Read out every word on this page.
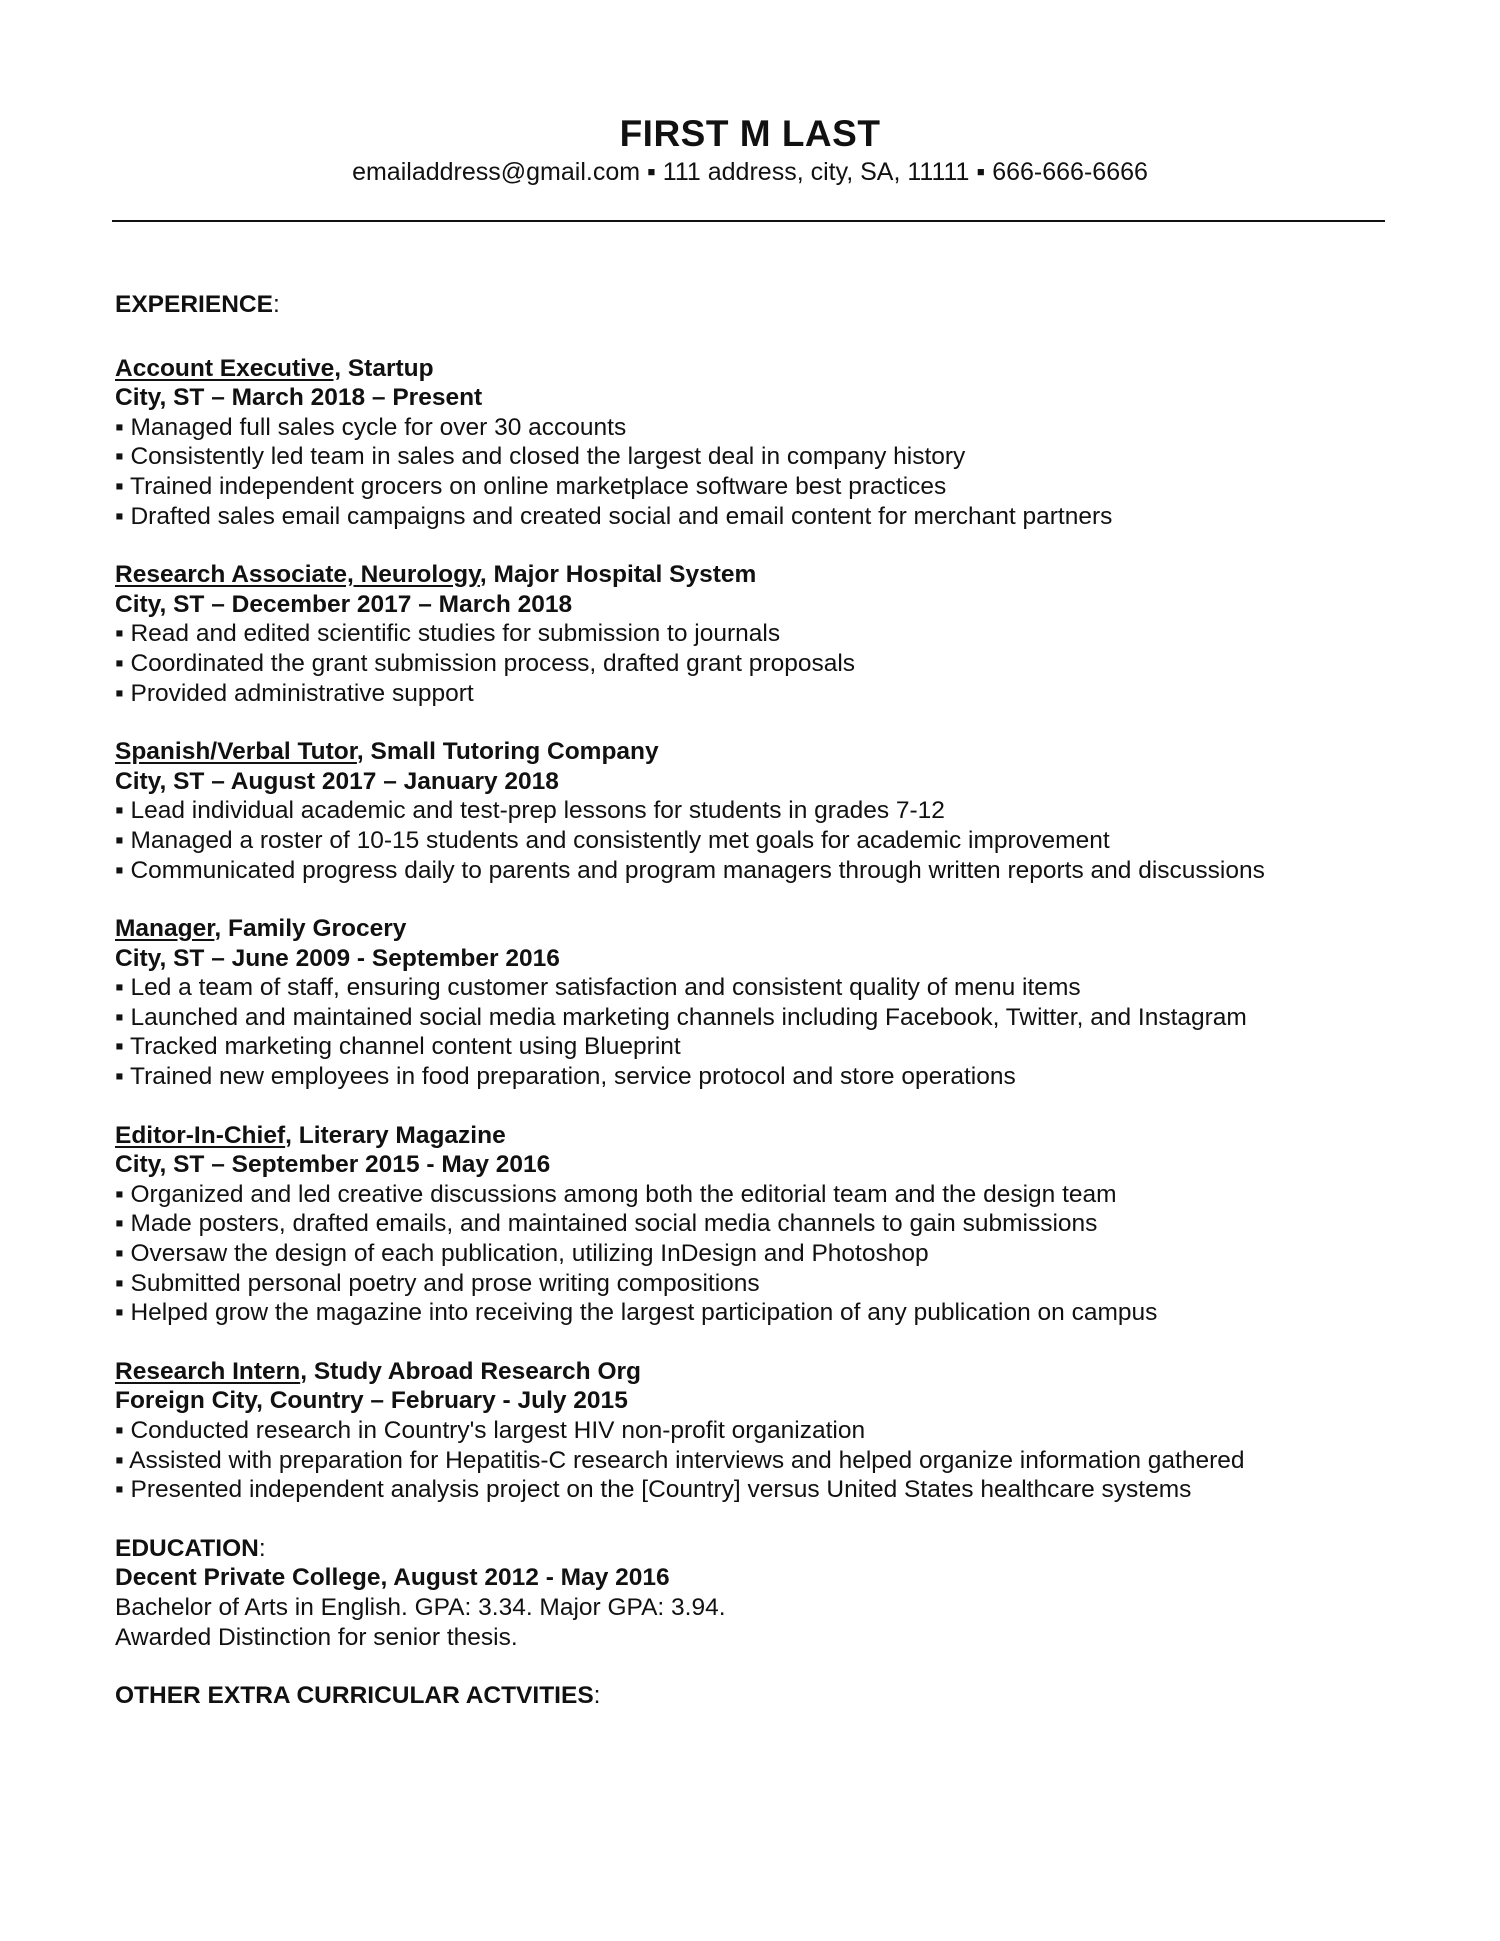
FIRST M LAST
emailaddress@gmail.com ▪ 111 address, city, SA, 11111 ▪ 666-666-6666
EXPERIENCE:
Account Executive, Startup
City, ST – March 2018 – Present
▪ Managed full sales cycle for over 30 accounts
▪ Consistently led team in sales and closed the largest deal in company history
▪ Trained independent grocers on online marketplace software best practices
▪ Drafted sales email campaigns and created social and email content for merchant partners
Research Associate, Neurology, Major Hospital System
City, ST – December 2017 – March 2018
▪ Read and edited scientific studies for submission to journals
▪ Coordinated the grant submission process, drafted grant proposals
▪ Provided administrative support
Spanish/Verbal Tutor, Small Tutoring Company
City, ST – August 2017 – January 2018
▪ Lead individual academic and test-prep lessons for students in grades 7-12
▪ Managed a roster of 10-15 students and consistently met goals for academic improvement
▪ Communicated progress daily to parents and program managers through written reports and discussions
Manager, Family Grocery
City, ST – June 2009 - September 2016
▪ Led a team of staff, ensuring customer satisfaction and consistent quality of menu items
▪ Launched and maintained social media marketing channels including Facebook, Twitter, and Instagram
▪ Tracked marketing channel content using Blueprint
▪ Trained new employees in food preparation, service protocol and store operations
Editor-In-Chief, Literary Magazine
City, ST – September 2015 - May 2016
▪ Organized and led creative discussions among both the editorial team and the design team
▪ Made posters, drafted emails, and maintained social media channels to gain submissions
▪ Oversaw the design of each publication, utilizing InDesign and Photoshop
▪ Submitted personal poetry and prose writing compositions
▪ Helped grow the magazine into receiving the largest participation of any publication on campus
Research Intern, Study Abroad Research Org
Foreign City, Country – February - July 2015
▪ Conducted research in Country's largest HIV non-profit organization
▪ Assisted with preparation for Hepatitis-C research interviews and helped organize information gathered
▪ Presented independent analysis project on the [Country] versus United States healthcare systems
EDUCATION:
Decent Private College, August 2012 - May 2016
Bachelor of Arts in English. GPA: 3.34. Major GPA: 3.94.
Awarded Distinction for senior thesis.
OTHER EXTRA CURRICULAR ACTVITIES:
